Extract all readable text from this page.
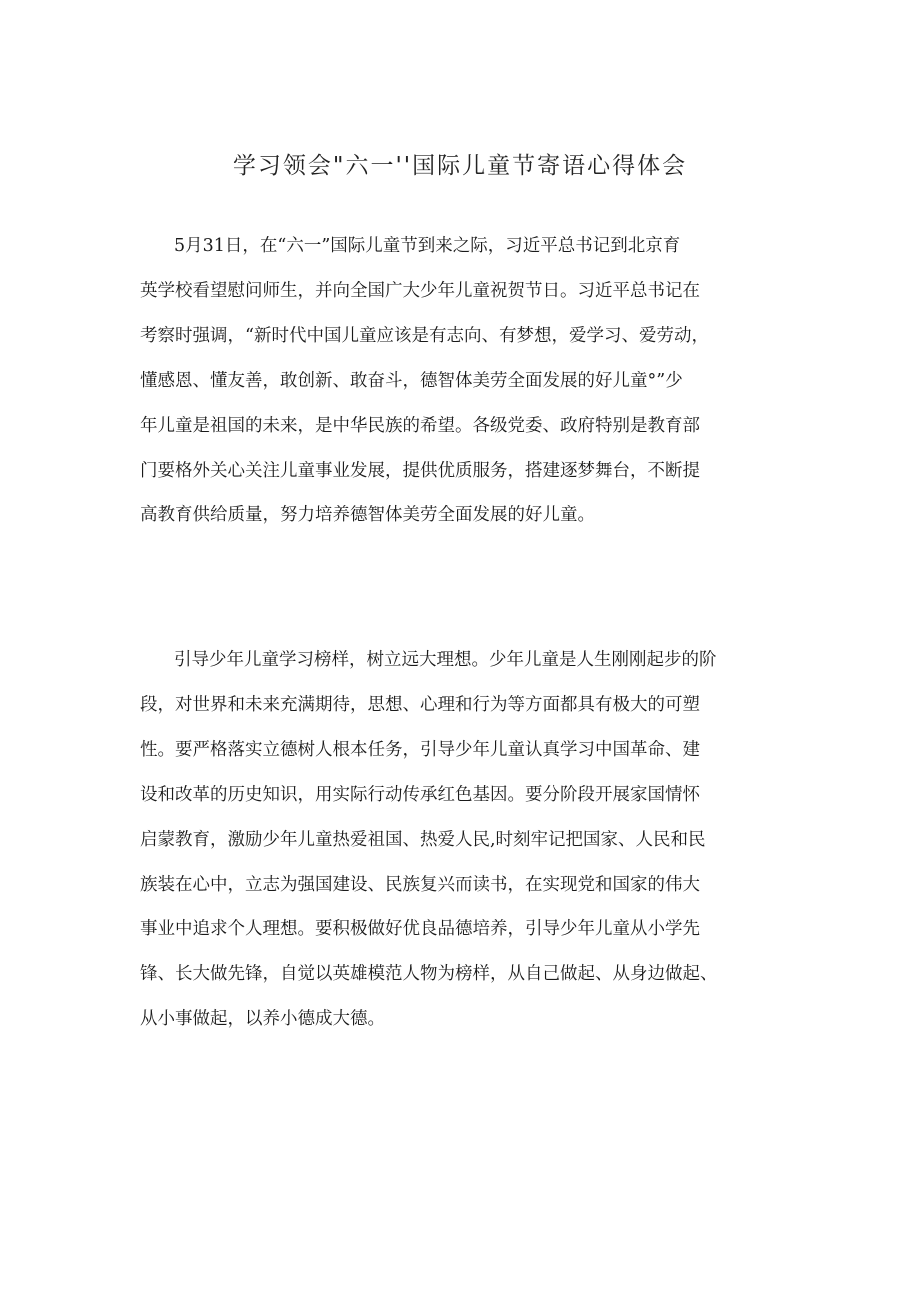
学习领会"六一''国际儿童节寄语心得体会
5月31日，在“六一”国际儿童节到来之际，习近平总书记到北京育
英学校看望慰问师生，并向全国广大少年儿童祝贺节日。习近平总书记在
考察时强调，“新时代中国儿童应该是有志向、有梦想，爱学习、爱劳动，
懂感恩、懂友善，敢创新、敢奋斗，德智体美劳全面发展的好儿童°”少
年儿童是祖国的未来，是中华民族的希望。各级党委、政府特别是教育部
门要格外关心关注儿童事业发展，提供优质服务，搭建逐梦舞台，不断提
高教育供给质量，努力培养德智体美劳全面发展的好儿童。
引导少年儿童学习榜样，树立远大理想。少年儿童是人生刚刚起步的阶
段，对世界和未来充满期待，思想、心理和行为等方面都具有极大的可塑
性。要严格落实立德树人根本任务，引导少年儿童认真学习中国革命、建
设和改革的历史知识，用实际行动传承红色基因。要分阶段开展家国情怀
启蒙教育，激励少年儿童热爱祖国、热爱人民,时刻牢记把国家、人民和民
族装在心中，立志为强国建设、民族复兴而读书，在实现党和国家的伟大
事业中追求个人理想。要积极做好优良品德培养，引导少年儿童从小学先
锋、长大做先锋，自觉以英雄模范人物为榜样，从自己做起、从身边做起、
从小事做起，以养小德成大德。
